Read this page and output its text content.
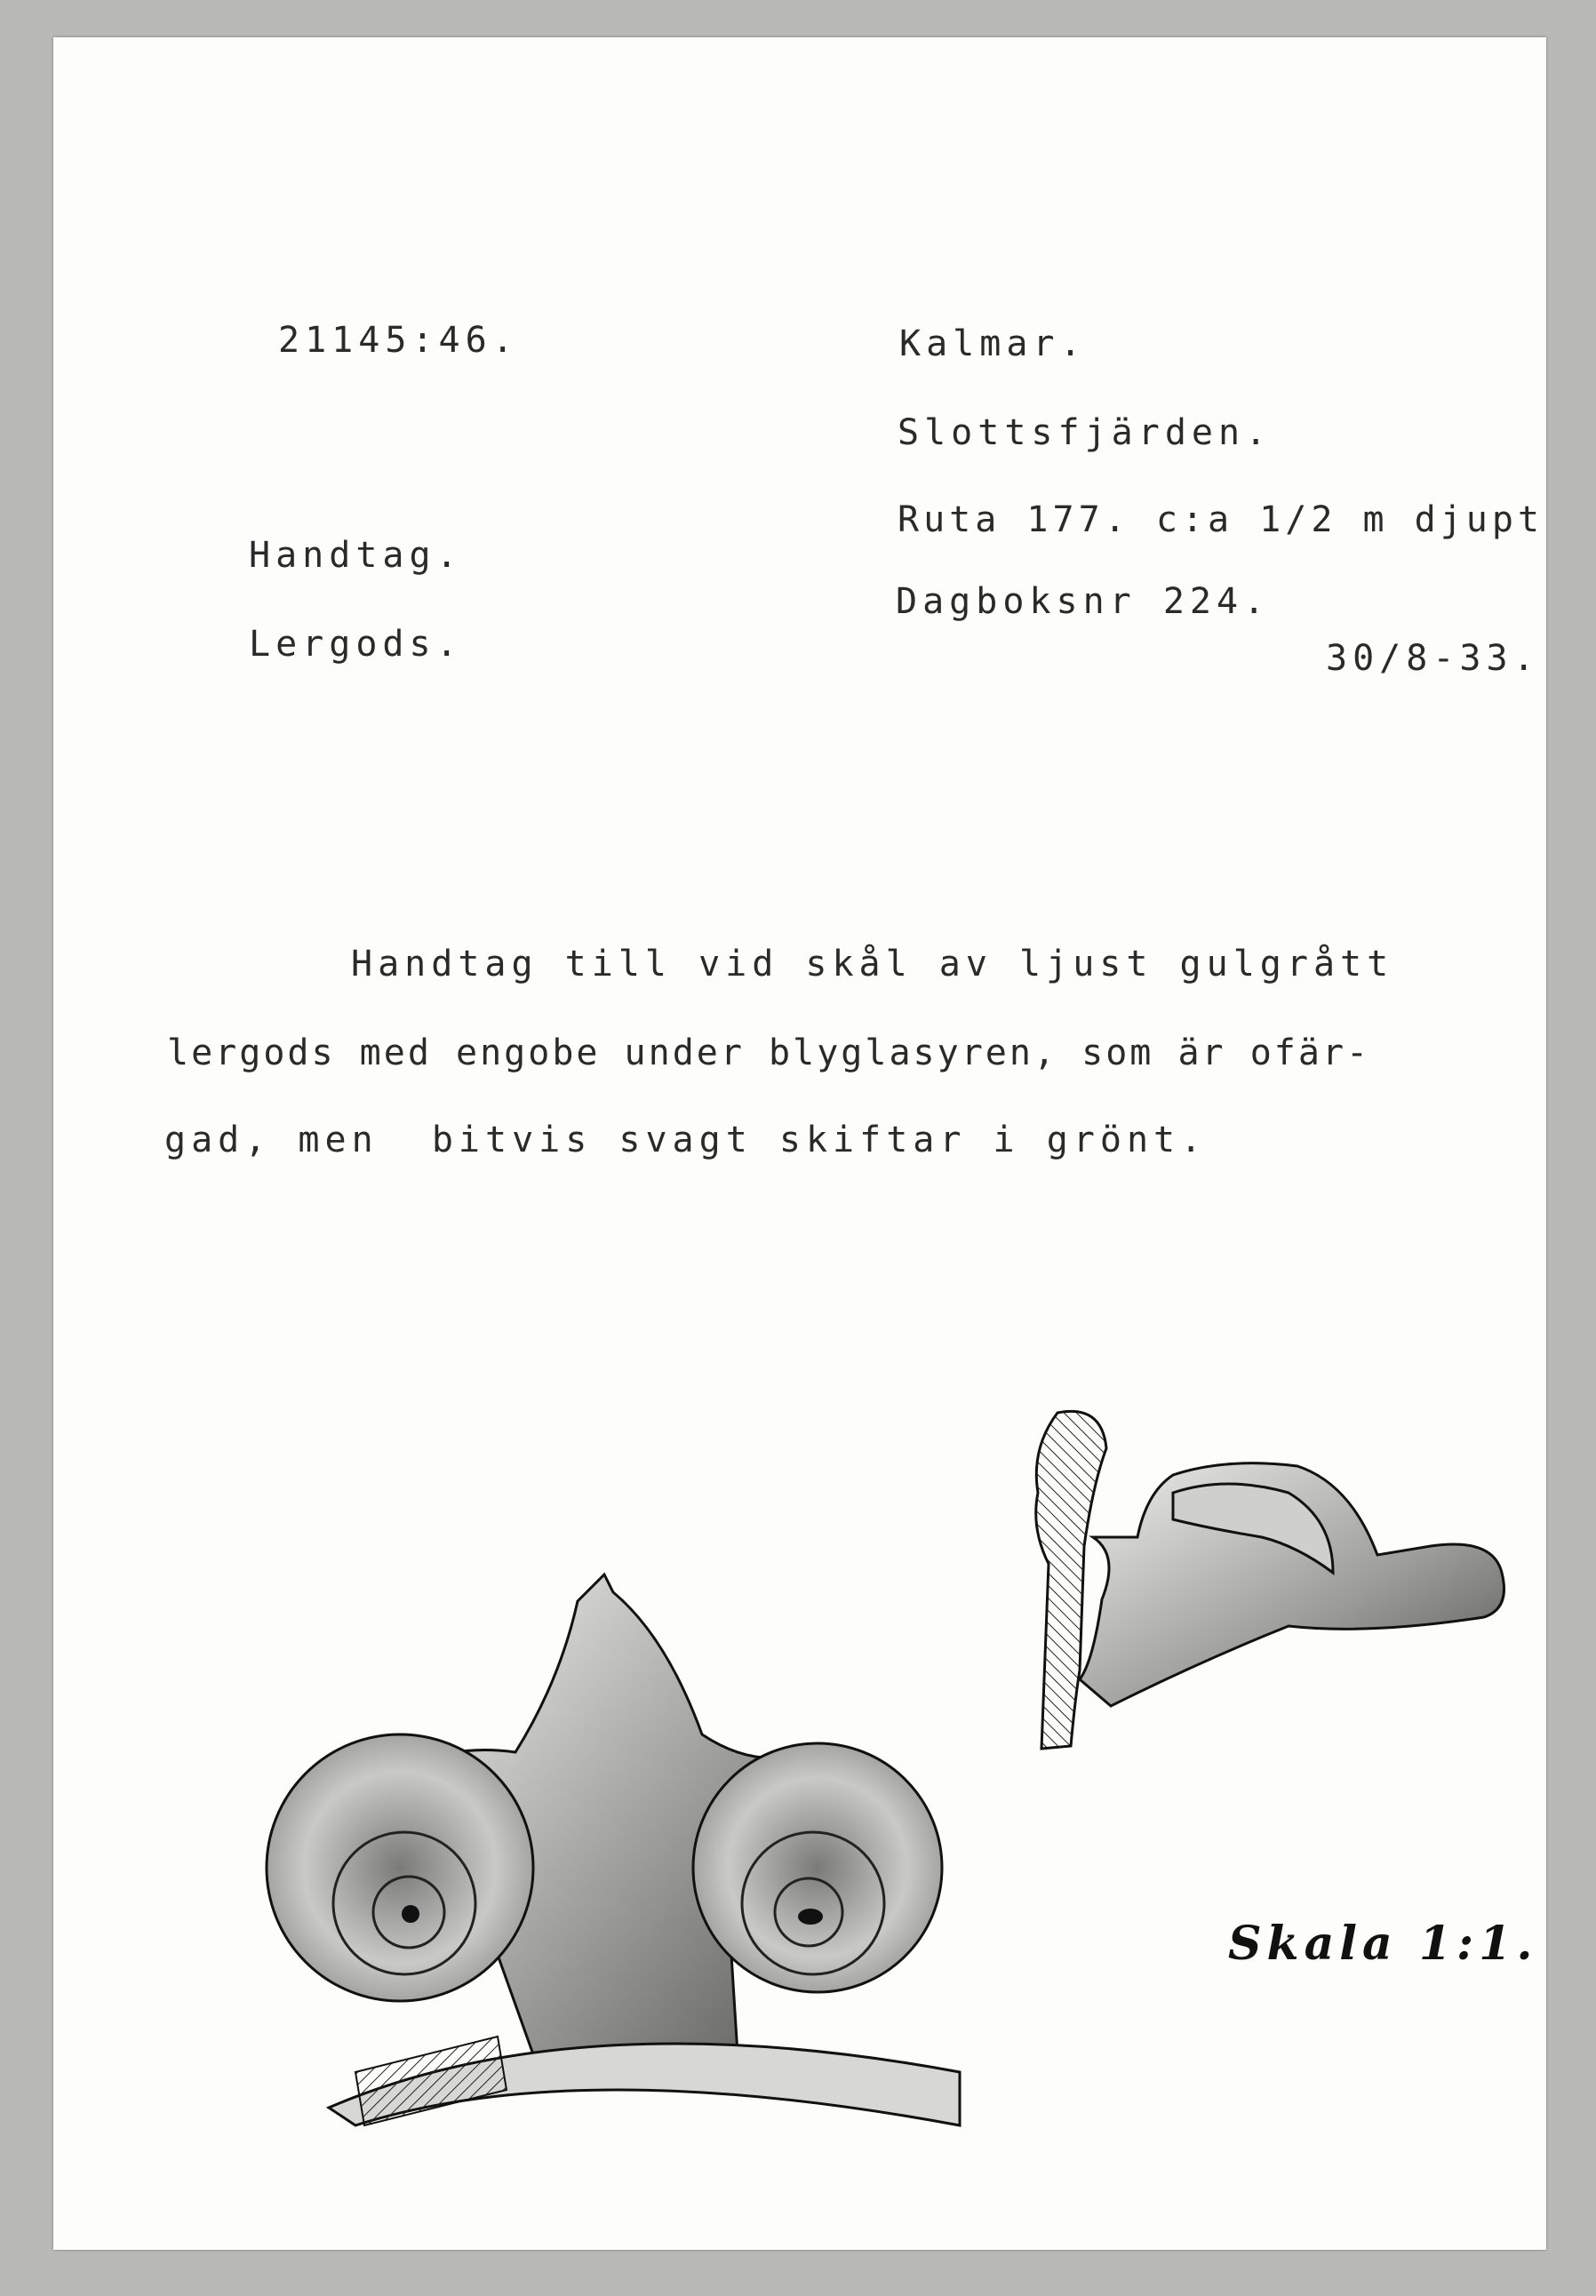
21145:46.
Handtag.
Lergods.
Kalmar.
Slottsfjärden.
Ruta 177. c:a 1/2 m djupt
Dagboksnr 224.
30/8-33.
Handtag till vid skål av ljust gulgrått
lergods med engobe under blyglasyren, som är ofär-
gad, men  bitvis svagt skiftar i grönt.
Skala 1:1.
